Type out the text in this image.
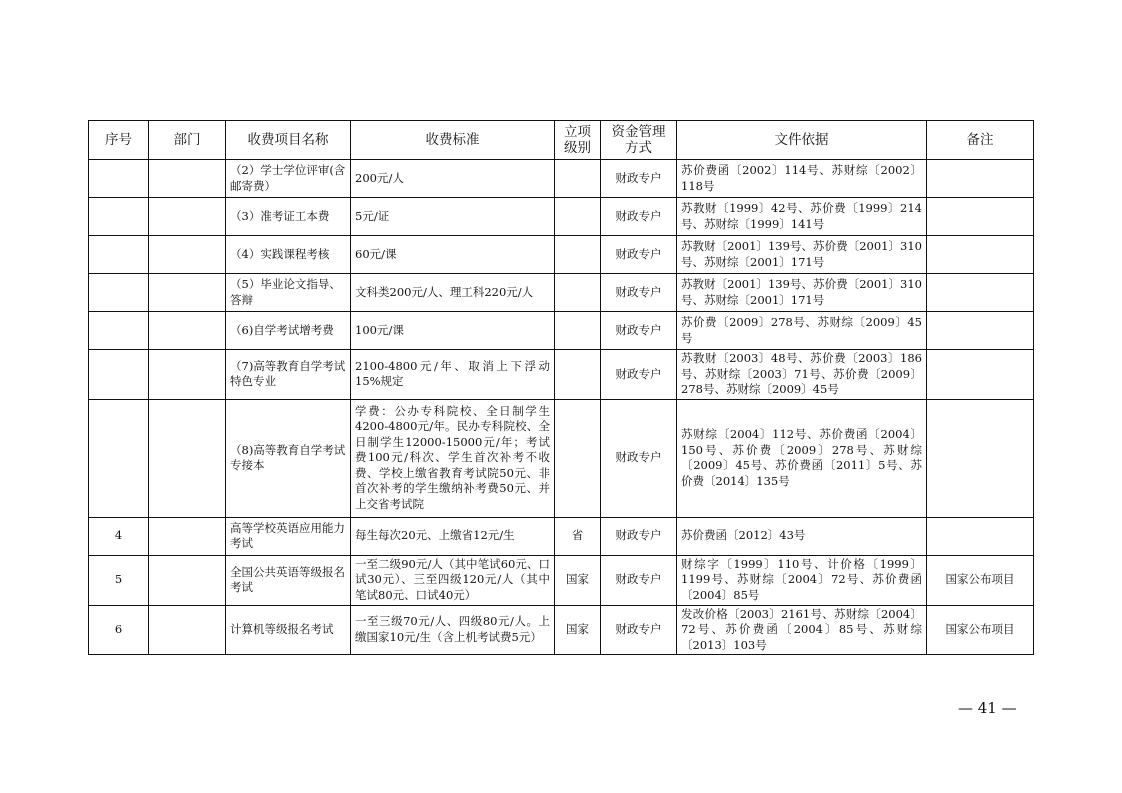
序号	部门	收费项目名称	收费标准	立项级别	资金管理方式	文件依据	备注
		（2）学士学位评审(含邮寄费）	200元/人		财政专户	苏价费函〔2002〕114号、苏财综〔2002〕118号	
		（3）准考证工本费	5元/证		财政专户	苏教财〔1999〕42号、苏价费〔1999〕214号、苏财综〔1999〕141号	
		（4）实践课程考核	60元/课		财政专户	苏教财〔2001〕139号、苏价费〔2001〕310号、苏财综〔2001〕171号	
		（5）毕业论文指导、答辩	文科类200元/人、理工科220元/人		财政专户	苏教财〔2001〕139号、苏价费〔2001〕310号、苏财综〔2001〕171号	
		（6)自学考试增考费	100元/课		财政专户	苏价费〔2009〕278号、苏财综〔2009〕45号	
		（7)高等教育自学考试特色专业	2100-4800元/年、取消上下浮动15%规定		财政专户	苏教财〔2003〕48号、苏价费〔2003〕186号、苏财综〔2003〕71号、苏价费〔2009〕278号、苏财综〔2009〕45号	
		（8)高等教育自学考试专接本	学费：公办专科院校、全日制学生4200-4800元/年。民办专科院校、全日制学生12000-15000元/年；考试费100元/科次、学生首次补考不收费、学校上缴省教育考试院50元、非首次补考的学生缴纳补考费50元、并上交省考试院		财政专户	苏财综〔2004〕112号、苏价费函〔2004〕150号、苏价费〔2009〕278号、苏财综〔2009〕45号、苏价费函〔2011〕5号、苏价费〔2014〕135号	
4		高等学校英语应用能力考试	每生每次20元、上缴省12元/生	省	财政专户	苏价费函〔2012〕43号	
5		全国公共英语等级报名考试	一至二级90元/人（其中笔试60元、口试30元）、三至四级120元/人（其中笔试80元、口试40元）	国家	财政专户	财综字〔1999〕110号、计价格〔1999〕1199号、苏财综〔2004〕72号、苏价费函〔2004〕85号	国家公布项目
6		计算机等级报名考试	一至三级70元/人、四级80元/人。上缴国家10元/生（含上机考试费5元）	国家	财政专户	发改价格〔2003〕2161号、苏财综〔2004〕72号、苏价费函〔2004〕85号、苏财综〔2013〕103号	国家公布项目
— 41 —
